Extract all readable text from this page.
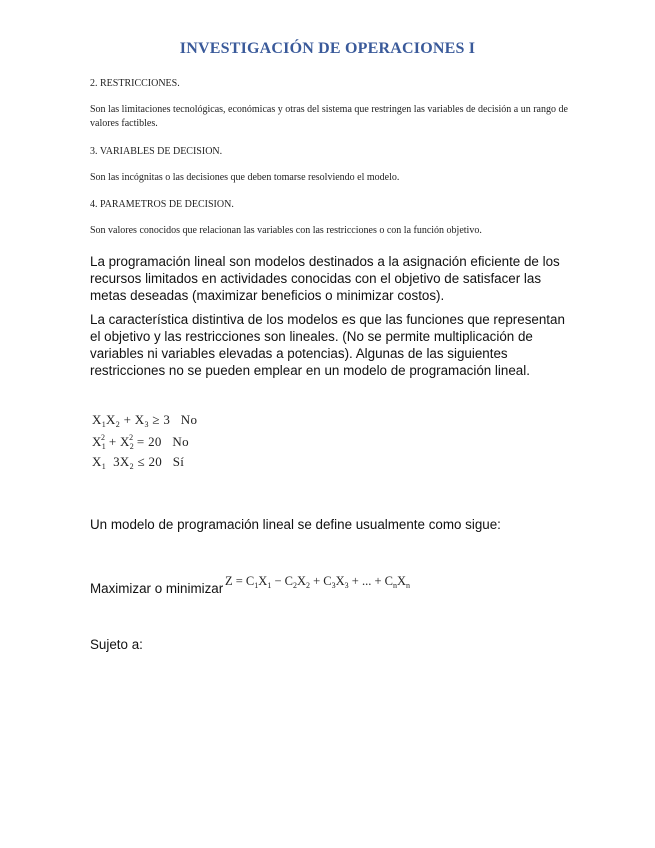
INVESTIGACIÓN DE OPERACIONES I
2. RESTRICCIONES.
Son las limitaciones tecnológicas, económicas y otras del sistema que restringen las variables de decisión a un rango de valores factibles.
3. VARIABLES DE DECISION.
Son las incógnitas o las decisiones que deben tomarse resolviendo el modelo.
4. PARAMETROS DE DECISION.
Son valores conocidos que relacionan las variables con las restricciones o con la función objetivo.
La programación lineal son modelos destinados a la asignación eficiente de los recursos limitados en actividades conocidas con el objetivo de satisfacer las metas deseadas (maximizar beneficios o minimizar costos).
La característica distintiva de los modelos es que las funciones que representan el objetivo y las restricciones son lineales. (No se permite multiplicación de variables ni variables elevadas a potencias). Algunas de las siguientes restricciones no se pueden emplear en un modelo de programación lineal.
$X_1X_2 + X_3 \ge 3$ No
$X_1^2 + X_2^2 = 20$ No
$X_1$  $3X_2 \le 20$ Sí
Un modelo de programación lineal se define usualmente como sigue:
Maximizar o minimizar $Z = C_1X_1 - C_2X_2 + C_3X_3$ + ... + $C_nX_n$
Sujeto a:
